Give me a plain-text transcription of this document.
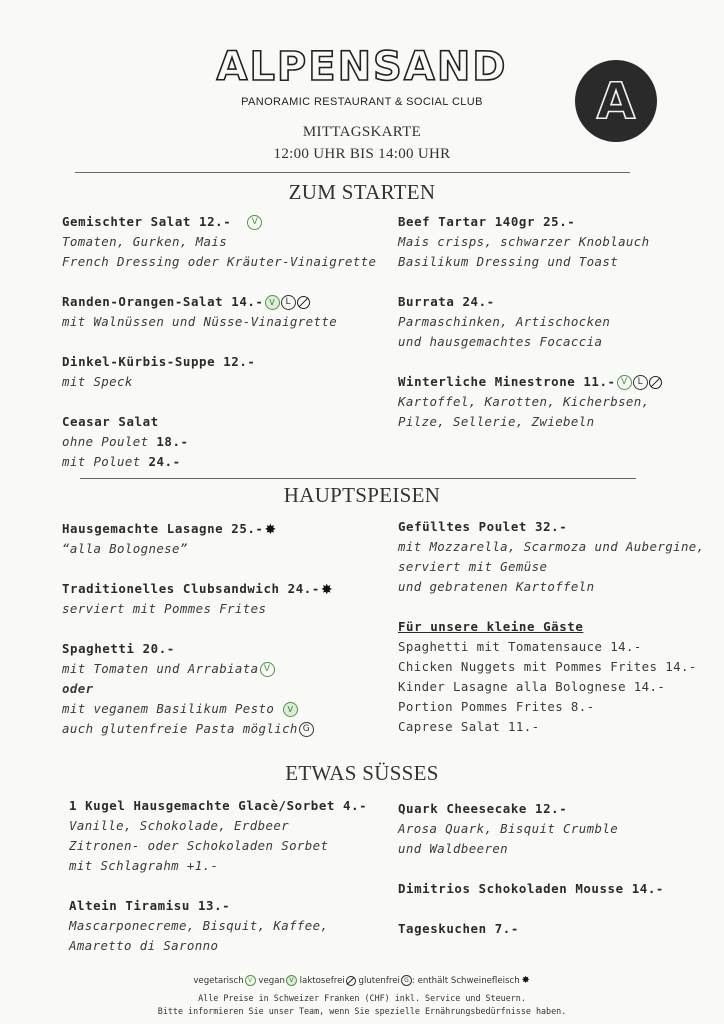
ALPENSAND
PANORAMIC RESTAURANT & SOCIAL CLUB	A
MITTAGSKARTE
12:00 UHR BIS 14:00 UHR
ZUM STARTEN
Gemischter Salat 12.- V
Tomaten, Gurken, Mais
French Dressing oder Kräuter-Vinaigrette
Randen-Orangen-Salat 14.- V L
mit Walnüssen und Nüsse-Vinaigrette
Dinkel-Kürbis-Suppe 12.-
mit Speck
Ceasar Salat
ohne Poulet 18.-
mit Poluet 24.-
Beef Tartar 140gr 25.-
Mais crisps, schwarzer Knoblauch
Basilikum Dressing und Toast
Burrata 24.-
Parmaschinken, Artischocken
und hausgemachtes Focaccia
Winterliche Minestrone 11.- V L
Kartoffel, Karotten, Kicherbsen,
Pilze, Sellerie, Zwiebeln
HAUPTSPEISEN
Hausgemachte Lasagne 25.-✸
“alla Bolognese”
Traditionelles Clubsandwich 24.-✸
serviert mit Pommes Frites
Spaghetti 20.-
mit Tomaten und Arrabiata V
oder
mit veganem Basilikum Pesto V
auch glutenfreie Pasta möglich G
Gefülltes Poulet 32.-
mit Mozzarella, Scarmoza und Aubergine,
serviert mit Gemüse
und gebratenen Kartoffeln
Für unsere kleine Gäste
Spaghetti mit Tomatensauce 14.-
Chicken Nuggets mit Pommes Frites 14.-
Kinder Lasagne alla Bolognese 14.-
Portion Pommes Frites 8.-
Caprese Salat 11.-
ETWAS SÜSSES
1 Kugel Hausgemachte Glacè/Sorbet 4.-
Vanille, Schokolade, Erdbeer
Zitronen- oder Schokoladen Sorbet
mit Schlagrahm +1.-
Altein Tiramisu 13.-
Mascarponecreme, Bisquit, Kaffee,
Amaretto di Saronno
Quark Cheesecake 12.-
Arosa Quark, Bisquit Crumble
und Waldbeeren
Dimitrios Schokoladen Mousse 14.-
Tageskuchen 7.-
vegetarisch V vegan V laktosefrei glutenfrei G : enthält Schweinefleisch ✸
Alle Preise in Schweizer Franken (CHF) inkl. Service und Steuern.
Bitte informieren Sie unser Team, wenn Sie spezielle Ernährungsbedürfnisse haben.
